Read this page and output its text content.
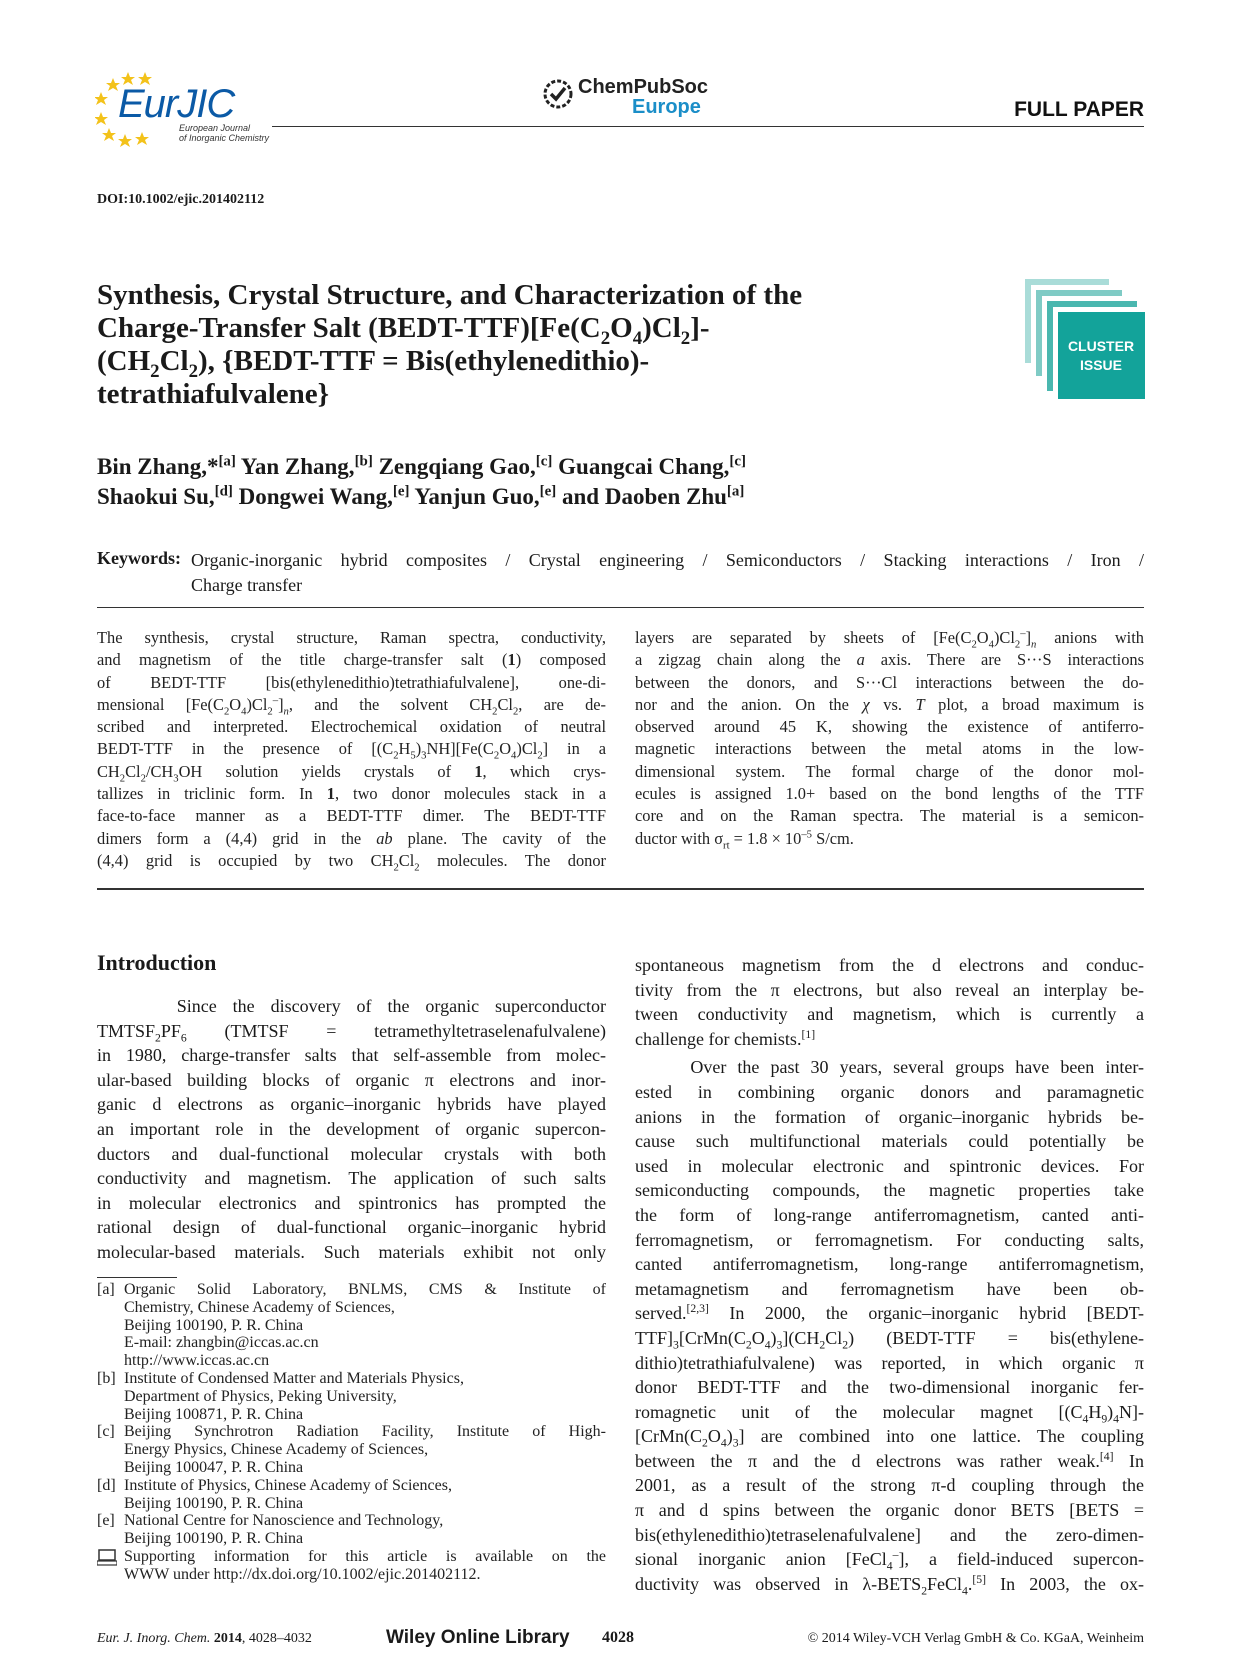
EurJIC
European Journal
of Inorganic Chemistry
ChemPubSoc
Europe	FULL PAPER
DOI:10.1002/ejic.201402112
Synthesis, Crystal Structure, and Characterization of the
Charge-Transfer Salt $(BEDT-TTF)[Fe(C_2O_4)Cl_2]-$
$(CH_2Cl_2)$, {BEDT-TTF = Bis(ethylenedithio)-
tetrathiafulvalene}
CLUSTER
ISSUE
Bin Zhang,*[a] Yan Zhang,[b] Zengqiang Gao,[c] Guangcai Chang,[c]
Shaokui Su,[d] Dongwei Wang,[e] Yanjun Guo,[e] and Daoben Zhu[a]
Keywords: Organic-inorganic hybrid composites / Crystal engineering / Semiconductors / Stacking interactions / Iron /
Charge transfer
The synthesis, crystal structure, Raman spectra, conductivity,
and magnetism of the title charge-transfer salt (1) composed
of BEDT-TTF [bis(ethylenedithio)tetrathiafulvalene], one-di-
mensional $[Fe(C_2O_4)Cl_2^-]_n$, and the solvent $CH_2Cl_2$, are de-
scribed and interpreted. Electrochemical oxidation of neutral
BEDT-TTF in the presence of $[(C_2H_5)_3NH][Fe(C_2O_4)Cl_2]$ in a
$CH_2Cl_2/CH_3OH$ solution yields crystals of 1, which crys-
tallizes in triclinic form. In 1, two donor molecules stack in a
face-to-face manner as a BEDT-TTF dimer. The BEDT-TTF
dimers form a (4,4) grid in the ab plane. The cavity of the
(4,4) grid is occupied by two $CH_2Cl_2$ molecules. The donor
layers are separated by sheets of $[Fe(C_2O_4)Cl_2^-]_n$ anions with
a zigzag chain along the a axis. There are S···S interactions
between the donors, and S···Cl interactions between the do-
nor and the anion. On the χ vs. T plot, a broad maximum is
observed around 45 K, showing the existence of antiferro-
magnetic interactions between the metal atoms in the low-
dimensional system. The formal charge of the donor mol-
ecules is assigned 1.0+ based on the bond lengths of the TTF
core and on the Raman spectra. The material is a semicon-
ductor with $\sigma_{rt} = 1.8 \times 10^{-5}$ S/cm.
Introduction
Since the discovery of the organic superconductor
$TMTSF_2PF_6$ (TMTSF = tetramethyltetraselenafulvalene)
in 1980, charge-transfer salts that self-assemble from molec-
ular-based building blocks of organic π electrons and inor-
ganic d electrons as organic–inorganic hybrids have played
an important role in the development of organic supercon-
ductors and dual-functional molecular crystals with both
conductivity and magnetism. The application of such salts
in molecular electronics and spintronics has prompted the
rational design of dual-functional organic–inorganic hybrid
molecular-based materials. Such materials exhibit not only
[a] Organic Solid Laboratory, BNLMS, CMS & Institute of
Chemistry, Chinese Academy of Sciences,
Beijing 100190, P. R. China
E-mail: zhangbin@iccas.ac.cn
http://www.iccas.ac.cn
[b] Institute of Condensed Matter and Materials Physics,
Department of Physics, Peking University,
Beijing 100871, P. R. China
[c] Beijing Synchrotron Radiation Facility, Institute of High-
Energy Physics, Chinese Academy of Sciences,
Beijing 100047, P. R. China
[d] Institute of Physics, Chinese Academy of Sciences,
Beijing 100190, P. R. China
[e] National Centre for Nanoscience and Technology,
Beijing 100190, P. R. China
Supporting information for this article is available on the
WWW under http://dx.doi.org/10.1002/ejic.201402112.
spontaneous magnetism from the d electrons and conduc-
tivity from the π electrons, but also reveal an interplay be-
tween conductivity and magnetism, which is currently a
challenge for chemists.[1]
Over the past 30 years, several groups have been inter-
ested in combining organic donors and paramagnetic
anions in the formation of organic–inorganic hybrids be-
cause such multifunctional materials could potentially be
used in molecular electronic and spintronic devices. For
semiconducting compounds, the magnetic properties take
the form of long-range antiferromagnetism, canted anti-
ferromagnetism, or ferromagnetism. For conducting salts,
canted antiferromagnetism, long-range antiferromagnetism,
metamagnetism and ferromagnetism have been ob-
served.[2,3] In 2000, the organic–inorganic hybrid [BEDT-
$TTF]_3[CrMn(C_2O_4)_3](CH_2Cl_2)$ (BEDT-TTF = bis(ethylene-
dithio)tetrathiafulvalene) was reported, in which organic π
donor BEDT-TTF and the two-dimensional inorganic fer-
romagnetic unit of the molecular magnet $[(C_4H_9)_4N]-$
$[CrMn(C_2O_4)_3]$ are combined into one lattice. The coupling
between the π and the d electrons was rather weak.[4] In
2001, as a result of the strong π-d coupling through the
π and d spins between the organic donor BETS [BETS =
bis(ethylenedithio)tetraselenafulvalene] and the zero-dimen-
sional inorganic anion [FeCl$_4$–], a field-induced supercon-
ductivity was observed in $\lambda-BETS_2FeCl_4.[5]$ In 2003, the ox-
Eur. J. Inorg. Chem. 2014, 4028–4032	Wiley Online Library 4028	© 2014 Wiley-VCH Verlag GmbH & Co. KGaA, Weinheim
